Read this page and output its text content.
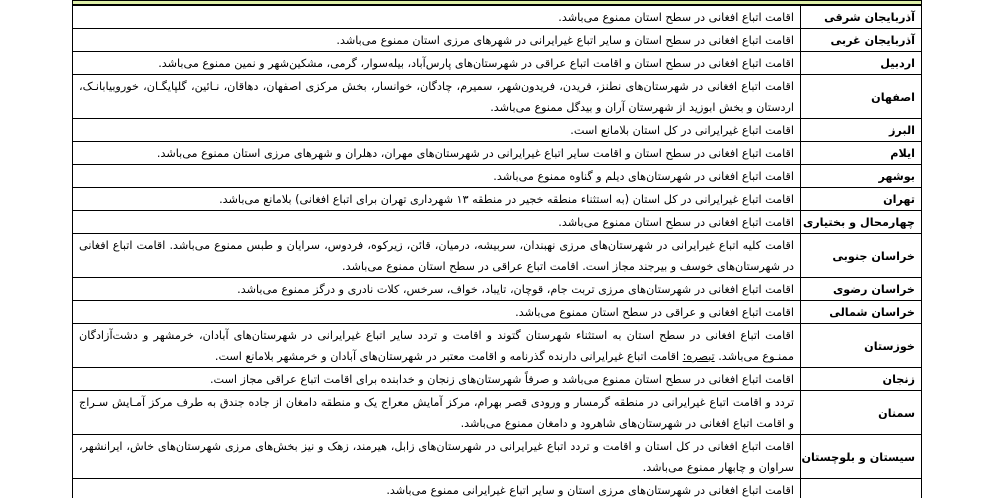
آذربایجان شرقی	اقامت اتباع افغانی در سطح استان ممنوع می‌باشد.
آذربایجان غربی	اقامت اتباع افغانی در سطح استان و سایر اتباع غیرایرانی در شهرهای مرزی استان ممنوع می‌باشد.
اردبیل	اقامت اتباع افغانی در سطح استان و اقامت اتباع عراقی در شهرستان‌های پارس‌آباد، بیله‌سوار، گرمی، مشکین‌شهر و نمین ممنوع می‌باشد.
اصفهان	اقامت اتباع افغانی در شهرستان‌های نطنز، فریدن، فریدون‌شهر، سمیرم، چادگان، خوانسار، بخش مرکزی اصفهان، دهاقان، نـائین، گلپایگـان، خوروبیابانـک، اردستان و بخش ابوزید از شهرستان آران و بیدگل ممنوع می‌باشد.
البرز	اقامت اتباع غیرایرانی در کل استان بلامانع است.
ایلام	اقامت اتباع افغانی در سطح استان و اقامت سایر اتباع غیرایرانی در شهرستان‌های مهران، دهلران و شهرهای مرزی استان ممنوع می‌باشد.
بوشهر	اقامت اتباع افغانی در شهرستان‌های دیلم و گناوه ممنوع می‌باشد.
تهران	اقامت اتباع غیرایرانی در کل استان (به استثناء منطقه خجیر در منطقه ۱۳ شهرداری تهران برای اتباع افغانی) بلامانع می‌باشد.
چهارمحال و بختیاری	اقامت اتباع افغانی در سطح استان ممنوع می‌باشد.
خراسان جنوبی	اقامت کلیه اتباع غیرایرانی در شهرستان‌های مرزی نهبندان، سربیشه، درمیان، قائن، زیرکوه، فردوس، سرایان و طبس ممنوع می‌باشد. اقامت اتباع افغانی در شهرستان‌های خوسف و بیرجند مجاز است. اقامت اتباع عراقی در سطح استان ممنوع می‌باشد.
خراسان رضوی	اقامت اتباع افغانی در شهرستان‌های مرزی تربت جام، قوچان، تایباد، خواف، سرخس، کلات نادری و درگز ممنوع می‌باشد.
خراسان شمالی	اقامت اتباع افغانی و عراقی در سطح استان ممنوع می‌باشد.
خوزستان	اقامت اتباع افغانی در سطح استان به استثناء شهرستان گتوند و اقامت و تردد سایر اتباع غیرایرانی در شهرستان‌های آبادان، خرمشهر و دشت‌آزادگان ممنـوع می‌باشد. تبصره: اقامت اتباع غیرایرانی دارنده گذرنامه و اقامت معتبر در شهرستان‌های آبادان و خرمشهر بلامانع است.
زنجان	اقامت اتباع افغانی در سطح استان ممنوع می‌باشد و صرفاً شهرستان‌های زنجان و خدابنده برای اقامت اتباع عراقی مجاز است.
سمنان	تردد و اقامت اتباع غیرایرانی در منطقه گرمسار و ورودی قصر بهرام، مرکز آمایش معراج یک و منطقه دامغان از جاده جندق به طرف مرکز آمـایش سـراج و اقامت اتباع افغانی در شهرستان‌های شاهرود و دامغان ممنوع می‌باشد.
سیستان و بلوچستان	اقامت اتباع افغانی در کل استان و اقامت و تردد اتباع غیرایرانی در شهرستان‌های زابل، هیرمند، زهک و نیز بخش‌های مرزی شهرستان‌های خاش، ایرانشهر، سراوان و چابهار ممنوع می‌باشد.
	اقامت اتباع افغانی در شهرستان‌های مرزی استان و سایر اتباع غیرایرانی ممنوع می‌باشد.
